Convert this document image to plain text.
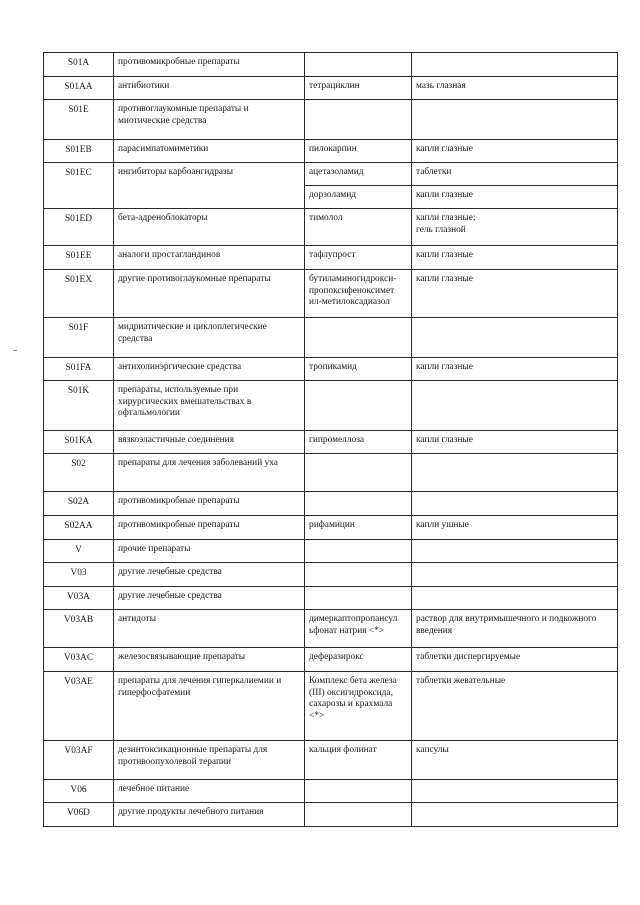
S01A	противомикробные препараты		
S01AA	антибиотики	тетрациклин	мазь глазная
S01E	противоглаукомные препараты и миотические средства		
S01EB	парасимпатомиметики	пилокарпин	капли глазные
S01EC	ингибиторы карбоангидразы	ацетазоламид	таблетки
		дорзоламид	капли глазные
S01ED	бета-адреноблокаторы	тимолол	капли глазные;
гель глазной
S01EE	аналоги простагландинов	тафлупрост	капли глазные
S01EX	другие противоглаукомные препараты	бутиламиногидрокси-пропоксифеноксимет ил-метилоксадиазол	капли глазные
S01F	мидриатические и циклоплегические средства		
S01FA	антихолинэргические средства	тропикамид	капли глазные
S01K	препараты, используемые при хирургических вмешательствах в офтальмологии		
S01KA	вязкоэластичные соединения	гипромеллоза	капли глазные
S02	препараты для лечения заболеваний уха		
S02A	противомикробные препараты		
S02AA	противомикробные препараты	рифамицин	капли ушные
V	прочие препараты		
V03	другие лечебные средства		
V03A	другие лечебные средства		
V03AB	антидоты	димеркаптопропансул ьфонат натрия <*>	раствор для внутримышечного и подкожного введения
V03AC	железосвязывающие препараты	деферазирокс	таблетки диспергируемые
V03AE	препараты для лечения гиперкалиемии и гиперфосфатемии	Комплекс бета железа (III) оксигидроксида, сахарозы и крахмала <*>	таблетки жевательные
V03AF	дезинтоксикационные препараты для противоопухолевой терапии	кальция фолинат	капсулы
V06	лечебное питание		
V06D	другие продукты лечебного питания		
